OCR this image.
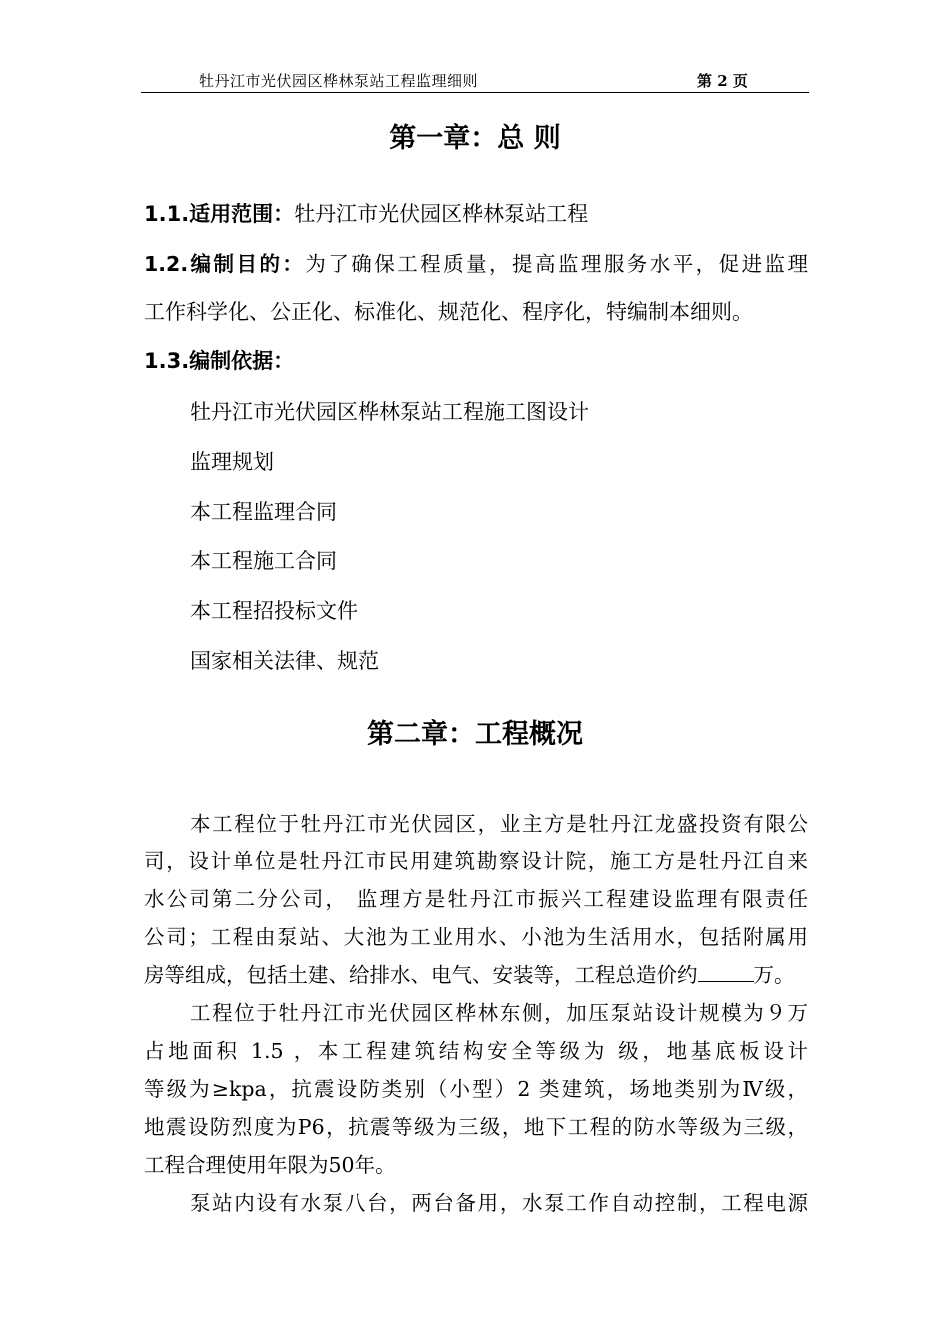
牡丹江市光伏园区桦林泵站工程监理细则	第 2 页
第一章：总 则
1.1.适用范围：牡丹江市光伏园区桦林泵站工程
1.2.编制目的：为了确保工程质量，提高监理服务水平，促进监理
工作科学化、公正化、标准化、规范化、程序化，特编制本细则。
1.3.编制依据：
牡丹江市光伏园区桦林泵站工程施工图设计
监理规划
本工程监理合同
本工程施工合同
本工程招投标文件
国家相关法律、规范
第二章：工程概况
本工程位于牡丹江市光伏园区，业主方是牡丹江龙盛投资有限公
司，设计单位是牡丹江市民用建筑勘察设计院，施工方是牡丹江自来
水公司第二分公司， 监理方是牡丹江市振兴工程建设监理有限责任
公司；工程由泵站、大池为工业用水、小池为生活用水，包括附属用
房等组成，包括土建、给排水、电气、安装等，工程总造价约	万。
工程位于牡丹江市光伏园区桦林东侧，加压泵站设计规模为９万
占地面积 1.5 ，本工程建筑结构安全等级为 级，地基底板设计
等级为≥kpa，抗震设防类别（小型）2 类建筑，场地类别为Ⅳ级，
地震设防烈度为P6，抗震等级为三级，地下工程的防水等级为三级，
工程合理使用年限为50年。
泵站内设有水泵八台，两台备用，水泵工作自动控制，工程电源
